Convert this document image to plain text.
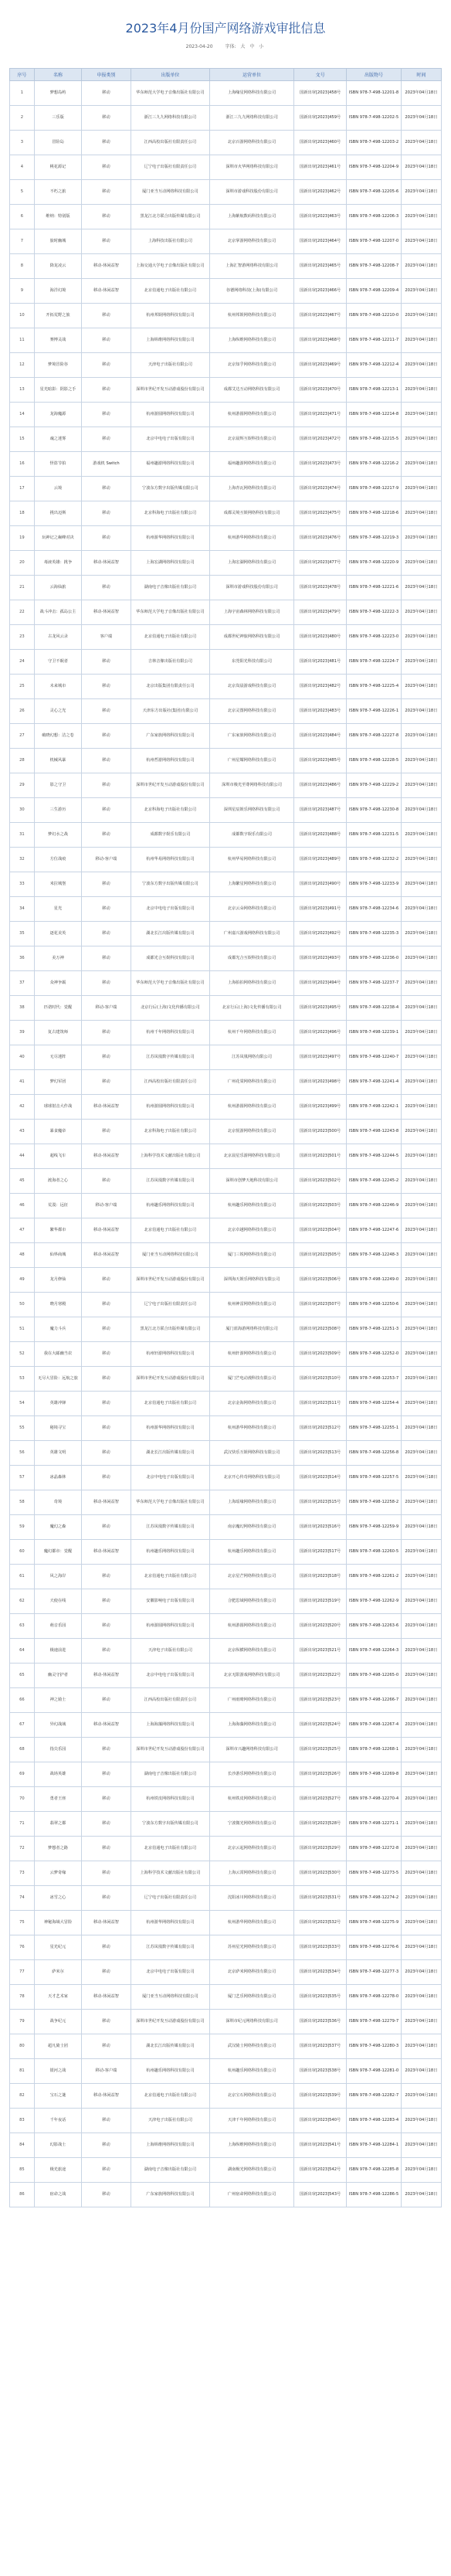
2023年4月份国产网络游戏审批信息
2023-04-20	字体: 大 中 小
序号	名称	申报类别	出版单位	运营单位	文号	出版物号	时间
1	梦想岛屿	移动	华东师范大学电子音像出版社有限公司	上海缘星网络科技有限公司	国新出审[2023]458号	ISBN 978-7-498-12201-8	2023年04月18日
2	三乐版	移动	浙江三九九网络科技有限公司	浙江三九九网络科技有限公司	国新出审[2023]459号	ISBN 978-7-498-12202-5	2023年04月18日
3	冒险岛	移动	江西高校出版社有限责任公司	北京百游网络科技有限公司	国新出审[2023]460号	ISBN 978-7-498-12203-2	2023年04月18日
4	桃花源记	移动	辽宁电子出版社有限责任公司	深圳市火华网络科技有限公司	国新出审[2023]461号	ISBN 978-7-498-12204-9	2023年04月18日
5	不朽之旅	移动	厦门亚当互动网络科技有限公司	深圳市游戏科技股份有限公司	国新出审[2023]462号	ISBN 978-7-498-12205-6	2023年04月18日
6	维纳：特别版	移动	黑龙江北方联合出版传媒有限公司	上海紫航数码科技有限公司	国新出审[2023]463号	ISBN 978-7-498-12206-3	2023年04月18日
7	旅时幽城	移动	上海科技出版社有限公司	北京掌游网络科技有限公司	国新出审[2023]464号	ISBN 978-7-498-12207-0	2023年04月18日
8	降龙凌云	移动-休闲益智	上海交通大学电子音像出版社有限公司	上海汇智游网络科技有限公司	国新出审[2023]465号	ISBN 978-7-498-12208-7	2023年04月18日
9	海洋幻境	移动-休闲益智	北京伯通电子出版社有限公司	谷德网络科技(上海)有限公司	国新出审[2023]466号	ISBN 978-7-498-12209-4	2023年04月18日
10	开拓荒野之旅	移动	杭州邦娱网络科技有限公司	杭州邦娱网络科技有限公司	国新出审[2023]467号	ISBN 978-7-498-12210-0	2023年04月18日
11	赛博灵战	移动	上海纵维网络科技有限公司	上海纵维网络科技有限公司	国新出审[2023]468号	ISBN 978-7-498-12211-7	2023年04月18日
12	梦境冒险谷	移动	天津电子出版社有限公司	北京知乎网络科技有限公司	国新出审[2023]469号	ISBN 978-7-498-12212-4	2023年04月18日
13	星光暗影：阴影之手	移动	深圳市世纪开发互动游戏股份有限公司	成都艾达互动网络科技有限公司	国新出审[2023]470号	ISBN 978-7-498-12213-1	2023年04月18日
14	龙海魔源	移动	杭州游圆网络科技有限公司	杭州游圆网络科技有限公司	国新出审[2023]471号	ISBN 978-7-498-12214-8	2023年04月18日
15	魂之迷雾	移动	北京中电电子出版有限公司	北京晨辉互娱科技有限公司	国新出审[2023]472号	ISBN 978-7-498-12215-5	2023年04月18日
16	怪盗节拍	游戏机 Switch	福州趣游网络科技有限公司	福州趣游网络科技有限公司	国新出审[2023]473号	ISBN 978-7-498-12216-2	2023年04月18日
17	云境	移动	宁波东方数字出版传媒有限公司	上海青瓦网络科技有限公司	国新出审[2023]474号	ISBN 978-7-498-12217-9	2023年04月18日
18	挑出迈斯	移动	北京科海电子出版社有限公司	成都灵境互娱网络科技有限公司	国新出审[2023]475号	ISBN 978-7-498-12218-6	2023年04月18日
19	玩神记之巅峰对决	移动	杭州游华网络科技有限公司	杭州游华网络科技有限公司	国新出审[2023]476号	ISBN 978-7-498-12219-3	2023年04月18日
20	毒液英雄：挑争	移动-休闲益智	上海宏湖网络科技有限公司	上海宏湖网络科技有限公司	国新出审[2023]477号	ISBN 978-7-498-12220-9	2023年04月18日
21	云海仙旅	移动	湖南电子音像出版社有限公司	深圳市游戏科技股份有限公司	国新出审[2023]478号	ISBN 978-7-498-12221-6	2023年04月18日
22	战斗冲击：孤岛公主	移动-休闲益智	华东师范大学电子音像出版社有限公司	上海宇宙森林网络科技有限公司	国新出审[2023]479号	ISBN 978-7-498-12222-3	2023年04月18日
23	古龙风云录	客户端	北京伯通电子出版社有限公司	成都世纪神旅网络科技有限公司	国新出审[2023]480号	ISBN 978-7-498-12223-0	2023年04月18日
24	守卫不眠者	移动	吉林音像出版社有限公司	东莞阳光科技有限公司	国新出审[2023]481号	ISBN 978-7-498-12224-7	2023年04月18日
25	未来城市	移动	北京出版集团有限责任公司	北京岚晨游戏科技有限公司	国新出审[2023]482号	ISBN 978-7-498-12225-4	2023年04月18日
26	灵心之光	移动	天津东方出版社(集团)有限公司	北京灵图网络科技有限公司	国新出审[2023]483号	ISBN 978-7-498-12226-1	2023年04月18日
27	破晓幻想：洁之卷	移动	广东家族网络科技有限公司	广东家族网络科技有限公司	国新出审[2023]484号	ISBN 978-7-498-12227-8	2023年04月18日
28	机械风暴	移动	杭州哲游网络科技有限公司	广州星耀网络科技有限公司	国新出审[2023]485号	ISBN 978-7-498-12228-5	2023年04月18日
29	影之守卫	移动	深圳市世纪开发互动游戏股份有限公司	深圳市极光至尊网络科技有限公司	国新出审[2023]486号	ISBN 978-7-498-12229-2	2023年04月18日
30	三生游历	移动	北京科海电子出版社有限公司	深圳星辰娱乐网络科技有限公司	国新出审[2023]487号	ISBN 978-7-498-12230-8	2023年04月18日
31	梦幻水之战	移动	成都数字娱乐有限公司	成都数字娱乐有限公司	国新出审[2023]488号	ISBN 978-7-498-12231-5	2023年04月18日
32	方位战痕	移动-客户端	杭州华易网络科技有限公司	杭州华易网络科技有限公司	国新出审[2023]489号	ISBN 978-7-498-12232-2	2023年04月18日
33	米拉城堡	移动	宁波东方数字出版传媒有限公司	上海繁星网络科技有限公司	国新出审[2023]490号	ISBN 978-7-498-12233-9	2023年04月18日
34	星光	移动	北京中电电子出版有限公司	北京云朵网络科技有限公司	国新出审[2023]491号	ISBN 978-7-498-12234-6	2023年04月18日
35	逐花美英	移动	湖北长江出版传媒有限公司	广州嘉兴游戏网络科技有限公司	国新出审[2023]492号	ISBN 978-7-498-12235-3	2023年04月18日
36	美万神	移动	成都光合互娱科技有限公司	成都光合互娱科技有限公司	国新出审[2023]493号	ISBN 978-7-498-12236-0	2023年04月18日
37	众神争霸	移动	华东师范大学电子音像出版社有限公司	上海拍拍网络科技有限公司	国新出审[2023]494号	ISBN 978-7-498-12237-7	2023年04月18日
38	匹诺时代：觉醒	移动-客户端	北京行后(上海)文化传播有限公司	北京行后(上海)文化传播有限公司	国新出审[2023]495号	ISBN 978-7-498-12238-4	2023年04月18日
39	复古建筑师	移动	杭州千年网络科技有限公司	杭州千年网络科技有限公司	国新出审[2023]496号	ISBN 978-7-498-12239-1	2023年04月18日
40	无尽迷阵	移动	江苏凤凰数字传媒有限公司	江苏凤凰网络有限公司	国新出审[2023]497号	ISBN 978-7-498-12240-7	2023年04月18日
41	梦幻军团	移动	江西高校出版社有限责任公司	广州花棠网络科技有限公司	国新出审[2023]498号	ISBN 978-7-498-12241-4	2023年04月18日
42	球球射击大作战	移动-休闲益智	杭州游圆网络科技有限公司	杭州游圆网络科技有限公司	国新出审[2023]499号	ISBN 978-7-498-12242-1	2023年04月18日
43	暴食魔帝	移动	北京科海电子出版社有限公司	北京悦游网络科技有限公司	国新出审[2023]500号	ISBN 978-7-498-12243-8	2023年04月18日
44	超线飞车	移动-休闲益智	上海科学技术文献出版社有限公司	北京晨星乐游网络科技有限公司	国新出审[2023]501号	ISBN 978-7-498-12244-5	2023年04月18日
45	渡海者之心	移动	江苏凤凰数字传媒有限公司	深圳市创梦天地科技有限公司	国新出审[2023]502号	ISBN 978-7-498-12245-2	2023年04月18日
46	荒漠：远征	移动-客户端	杭州趣乐网络科技有限公司	杭州趣乐网络科技有限公司	国新出审[2023]503号	ISBN 978-7-498-12246-9	2023年04月18日
47	繁华都市	移动-休闲益智	北京伯通电子出版社有限公司	北京卓越网络科技有限公司	国新出审[2023]504号	ISBN 978-7-498-12247-6	2023年04月18日
48	仙界商城	移动-休闲益智	厦门亚当互动网络科技有限公司	厦门三锐网络科技有限公司	国新出审[2023]505号	ISBN 978-7-498-12248-3	2023年04月18日
49	龙月修仙	移动	深圳市世纪开发互动游戏股份有限公司	深圳海天娱乐网络科技有限公司	国新出审[2023]506号	ISBN 978-7-498-12249-0	2023年04月18日
50	晓月寒殿	移动	辽宁电子出版社有限责任公司	杭州神雷网络科技有限公司	国新出审[2023]507号	ISBN 978-7-498-12250-6	2023年04月18日
51	魔力斗兵	移动	黑龙江北方联合出版传媒有限公司	厦门蓝海游网络科技有限公司	国新出审[2023]508号	ISBN 978-7-498-12251-3	2023年04月18日
52	我在大邮幽当农	移动	杭州轩游网络科技有限公司	杭州轩游网络科技有限公司	国新出审[2023]509号	ISBN 978-7-498-12252-0	2023年04月18日
53	无尽大冒险：远航之旅	移动	深圳市世纪开发互动游戏股份有限公司	厦门芒电动漫科技有限公司	国新出审[2023]510号	ISBN 978-7-498-12253-7	2023年04月18日
54	英雄冲锋	移动	北京伯通电子出版社有限公司	北京金海网络科技有限公司	国新出审[2023]511号	ISBN 978-7-498-12254-4	2023年04月18日
55	秘境寻宝	移动	杭州游华网络科技有限公司	杭州游华网络科技有限公司	国新出审[2023]512号	ISBN 978-7-498-12255-1	2023年04月18日
56	英雄文明	移动	湖北长江出版传媒有限公司	武汉快乐互娱网络科技有限公司	国新出审[2023]513号	ISBN 978-7-498-12256-8	2023年04月18日
57	冰晶森林	移动	北京中电电子出版有限公司	北京开心传奇网络科技有限公司	国新出审[2023]514号	ISBN 978-7-498-12257-5	2023年04月18日
58	奇境	移动-休闲益智	华东师范大学电子音像出版社有限公司	上海瑶缘网络科技有限公司	国新出审[2023]515号	ISBN 978-7-498-12258-2	2023年04月18日
59	魔幻之森	移动	江苏凤凰数字传媒有限公司	南京魔幻网络科技有限公司	国新出审[2023]516号	ISBN 978-7-498-12259-9	2023年04月18日
60	魔幻都市：觉醒	移动-休闲益智	杭州趣乐网络科技有限公司	杭州趣乐网络科技有限公司	国新出审[2023]517号	ISBN 978-7-498-12260-5	2023年04月18日
61	风之海岸	移动	北京伯通电子出版社有限公司	北京星芒网络科技有限公司	国新出审[2023]518号	ISBN 978-7-498-12261-2	2023年04月18日
62	天使在线	移动	安徽影响电子出版有限公司	合肥思域网络科技有限公司	国新出审[2023]519号	ISBN 978-7-498-12262-9	2023年04月18日
63	萌音乐园	移动	杭州游圆网络科技有限公司	杭州游圆网络科技有限公司	国新出审[2023]520号	ISBN 978-7-498-12263-6	2023年04月18日
64	极速前进	移动	天津电子出版社有限公司	北京纵横网络科技有限公司	国新出审[2023]521号	ISBN 978-7-498-12264-3	2023年04月18日
65	幽灵守护者	移动-休闲益智	北京中电电子出版有限公司	北京无限游戏网络科技有限公司	国新出审[2023]522号	ISBN 978-7-498-12265-0	2023年04月18日
66	神之骑士	移动	江西高校出版社有限责任公司	广州雨晴网络科技有限公司	国新出审[2023]523号	ISBN 978-7-498-12266-7	2023年04月18日
67	异幻战域	移动-休闲益智	上海海藻网络科技有限公司	上海海藻网络科技有限公司	国新出审[2023]524号	ISBN 978-7-498-12267-4	2023年04月18日
68	指尖乐园	移动	深圳市世纪开发互动游戏股份有限公司	深圳市兴趣网络科技有限公司	国新出审[2023]525号	ISBN 978-7-498-12268-1	2023年04月18日
69	战场英雄	移动	湖南电子音像出版社有限公司	长沙游乐网络科技有限公司	国新出审[2023]526号	ISBN 978-7-498-12269-8	2023年04月18日
70	勇者王座	移动	杭州铁皮网络科技有限公司	杭州铁皮网络科技有限公司	国新出审[2023]527号	ISBN 978-7-498-12270-4	2023年04月18日
71	翡翠之都	移动	宁波东方数字出版传媒有限公司	宁波微光网络科技有限公司	国新出审[2023]528号	ISBN 978-7-498-12271-1	2023年04月18日
72	梦想者之路	移动	北京伯通电子出版社有限公司	北京云起网络科技有限公司	国新出审[2023]529号	ISBN 978-7-498-12272-8	2023年04月18日
73	云梦奇缘	移动	上海科学技术文献出版社有限公司	上海云霄网络科技有限公司	国新出审[2023]530号	ISBN 978-7-498-12273-5	2023年04月18日
74	冰雪之心	移动	辽宁电子出版社有限责任公司	沈阳冰川网络科技有限公司	国新出审[2023]531号	ISBN 978-7-498-12274-2	2023年04月18日
75	神秘海域大冒险	移动-休闲益智	杭州游华网络科技有限公司	杭州游华网络科技有限公司	国新出审[2023]532号	ISBN 978-7-498-12275-9	2023年04月18日
76	星光纪元	移动	江苏凤凰数字传媒有限公司	苏州星光网络科技有限公司	国新出审[2023]533号	ISBN 978-7-498-12276-6	2023年04月18日
77	萨米尔	移动	北京中电电子出版有限公司	北京萨米网络科技有限公司	国新出审[2023]534号	ISBN 978-7-498-12277-3	2023年04月18日
78	天才艺术家	移动-休闲益智	厦门亚当互动网络科技有限公司	厦门艺乐网络科技有限公司	国新出审[2023]535号	ISBN 978-7-498-12278-0	2023年04月18日
79	战争纪元	移动	深圳市世纪开发互动游戏股份有限公司	深圳市纪元网络科技有限公司	国新出审[2023]536号	ISBN 978-7-498-12279-7	2023年04月18日
80	超凡骑士团	移动	湖北长江出版传媒有限公司	武汉骑士网络科技有限公司	国新出审[2023]537号	ISBN 978-7-498-12280-3	2023年04月18日
81	银河之战	移动-客户端	杭州趣乐网络科技有限公司	杭州趣乐网络科技有限公司	国新出审[2023]538号	ISBN 978-7-498-12281-0	2023年04月18日
82	宝石之谜	移动-休闲益智	北京伯通电子出版社有限公司	北京宝石网络科技有限公司	国新出审[2023]539号	ISBN 978-7-498-12282-7	2023年04月18日
83	千年夜话	移动	天津电子出版社有限公司	天津千年网络科技有限公司	国新出审[2023]540号	ISBN 978-7-498-12283-4	2023年04月18日
84	幻影战士	移动	上海纵维网络科技有限公司	上海纵维网络科技有限公司	国新出审[2023]541号	ISBN 978-7-498-12284-1	2023年04月18日
85	极光旅途	移动	湖南电子音像出版社有限公司	湖南极光网络科技有限公司	国新出审[2023]542号	ISBN 978-7-498-12285-8	2023年04月18日
86	宿命之战	移动	广东家族网络科技有限公司	广州宿命网络科技有限公司	国新出审[2023]543号	ISBN 978-7-498-12286-5	2023年04月18日
